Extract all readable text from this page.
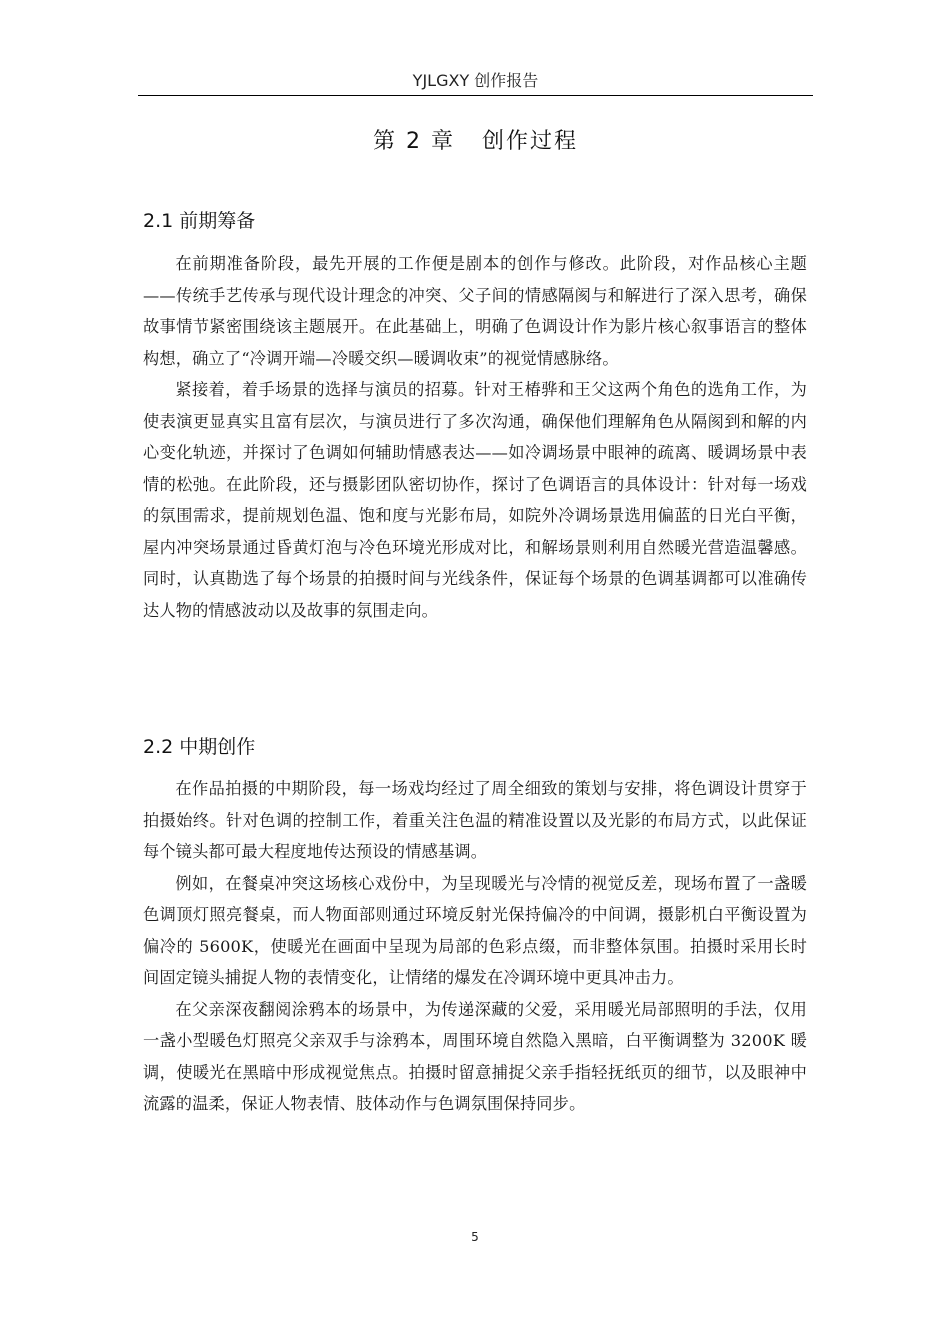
YJLGXY 创作报告
第 2 章   创作过程
2.1 前期筹备

在前期准备阶段，最先开展的工作便是剧本的创作与修改。此阶段，对作品核心主题——传统手艺传承与现代设计理念的冲突、父子间的情感隔阂与和解进行了深入思考，确保故事情节紧密围绕该主题展开。在此基础上，明确了色调设计作为影片核心叙事语言的整体构想，确立了“冷调开端—冷暖交织—暖调收束”的视觉情感脉络。

紧接着，着手场景的选择与演员的招募。针对王椿骅和王父这两个角色的选角工作，为使表演更显真实且富有层次，与演员进行了多次沟通，确保他们理解角色从隔阂到和解的内心变化轨迹，并探讨了色调如何辅助情感表达——如冷调场景中眼神的疏离、暖调场景中表情的松弛。在此阶段，还与摄影团队密切协作，探讨了色调语言的具体设计：针对每一场戏的氛围需求，提前规划色温、饱和度与光影布局，如院外冷调场景选用偏蓝的日光白平衡，屋内冲突场景通过昏黄灯泡与冷色环境光形成对比，和解场景则利用自然暖光营造温馨感。同时，认真勘选了每个场景的拍摄时间与光线条件，保证每个场景的色调基调都可以准确传达人物的情感波动以及故事的氛围走向。

2.2 中期创作

在作品拍摄的中期阶段，每一场戏均经过了周全细致的策划与安排，将色调设计贯穿于拍摄始终。针对色调的控制工作，着重关注色温的精准设置以及光影的布局方式，以此保证每个镜头都可最大程度地传达预设的情感基调。

例如，在餐桌冲突这场核心戏份中，为呈现暖光与冷情的视觉反差，现场布置了一盏暖色调顶灯照亮餐桌，而人物面部则通过环境反射光保持偏冷的中间调，摄影机白平衡设置为偏冷的 5600K，使暖光在画面中呈现为局部的色彩点缀，而非整体氛围。拍摄时采用长时间固定镜头捕捉人物的表情变化，让情绪的爆发在冷调环境中更具冲击力。

在父亲深夜翻阅涂鸦本的场景中，为传递深藏的父爱，采用暖光局部照明的手法，仅用一盏小型暖色灯照亮父亲双手与涂鸦本，周围环境自然隐入黑暗，白平衡调整为 3200K 暖调，使暖光在黑暗中形成视觉焦点。拍摄时留意捕捉父亲手指轻抚纸页的细节，以及眼神中流露的温柔，保证人物表情、肢体动作与色调氛围保持同步。

5
